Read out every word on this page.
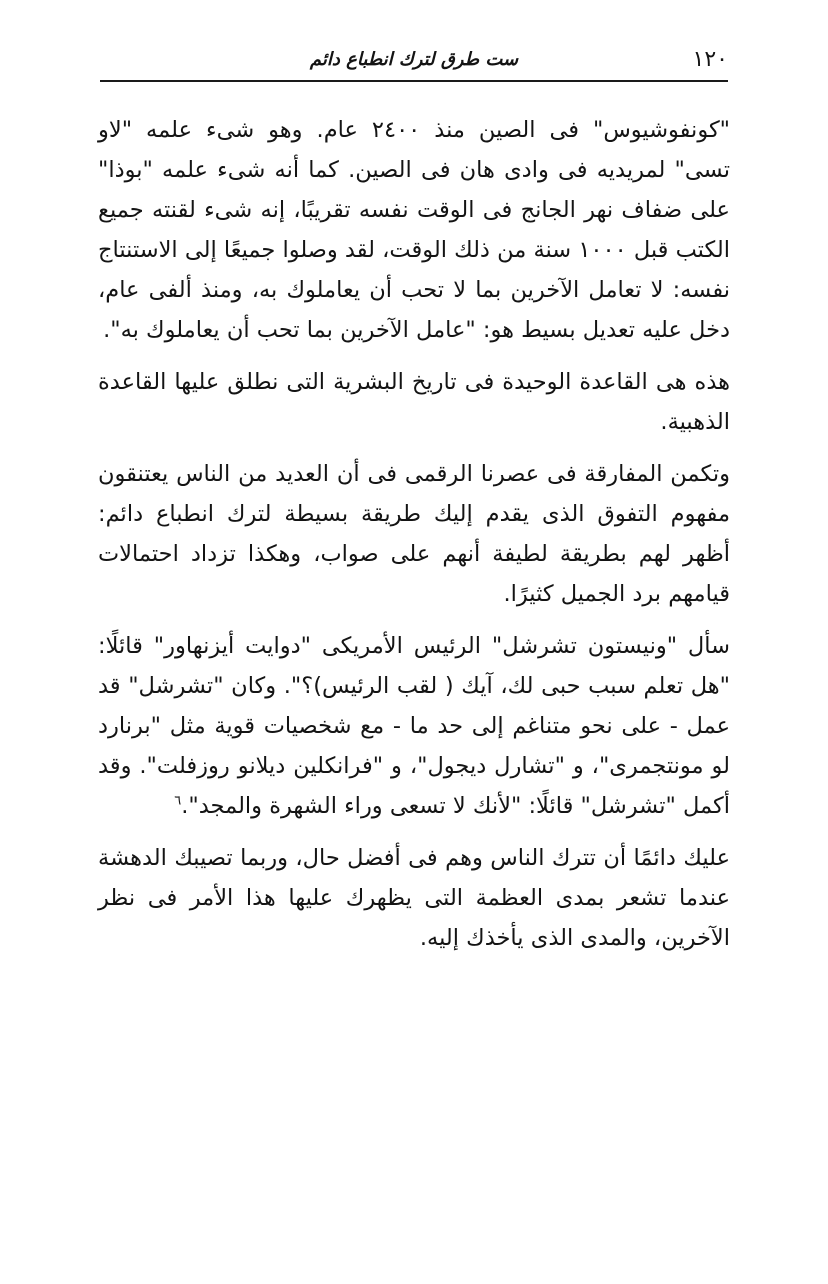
١٢٠
ست طرق لترك انطباع دائم

"كونفوشيوس" فى الصين منذ ٢٤٠٠ عام. وهو شىء علمه "لاو تسى" لمريديه فى وادى هان فى الصين. كما أنه شىء علمه "بوذا" على ضفاف نهر الجانج فى الوقت نفسه تقريبًا، إنه شىء لقنته جميع الكتب قبل ١٠٠٠ سنة من ذلك الوقت، لقد وصلوا جميعًا إلى الاستنتاج نفسه: لا تعامل الآخرين بما لا تحب أن يعاملوك به، ومنذ ألفى عام، دخل عليه تعديل بسيط هو: "عامل الآخرين بما تحب أن يعاملوك به".

هذه هى القاعدة الوحيدة فى تاريخ البشرية التى نطلق عليها القاعدة الذهبية.

وتكمن المفارقة فى عصرنا الرقمى فى أن العديد من الناس يعتنقون مفهوم التفوق الذى يقدم إليك طريقة بسيطة لترك انطباع دائم: أظهر لهم بطريقة لطيفة أنهم على صواب، وهكذا تزداد احتمالات قيامهم برد الجميل كثيرًا.

سأل "ونيستون تشرشل" الرئيس الأمريكى "دوايت أيزنهاور" قائلًا: "هل تعلم سبب حبى لك، آيك ( لقب الرئيس)؟". وكان "تشرشل" قد عمل - على نحو متناغم إلى حد ما - مع شخصيات قوية مثل "برنارد لو مونتجمرى"، و "تشارل ديجول"، و "فرانكلين ديلانو روزفلت". وقد أكمل "تشرشل" قائلًا: "لأنك لا تسعى وراء الشهرة والمجد".$^٦$

عليك دائمًا أن تترك الناس وهم فى أفضل حال، وربما تصيبك الدهشة عندما تشعر بمدى العظمة التى يظهرك عليها هذا الأمر فى نظر الآخرين، والمدى الذى يأخذك إليه.
